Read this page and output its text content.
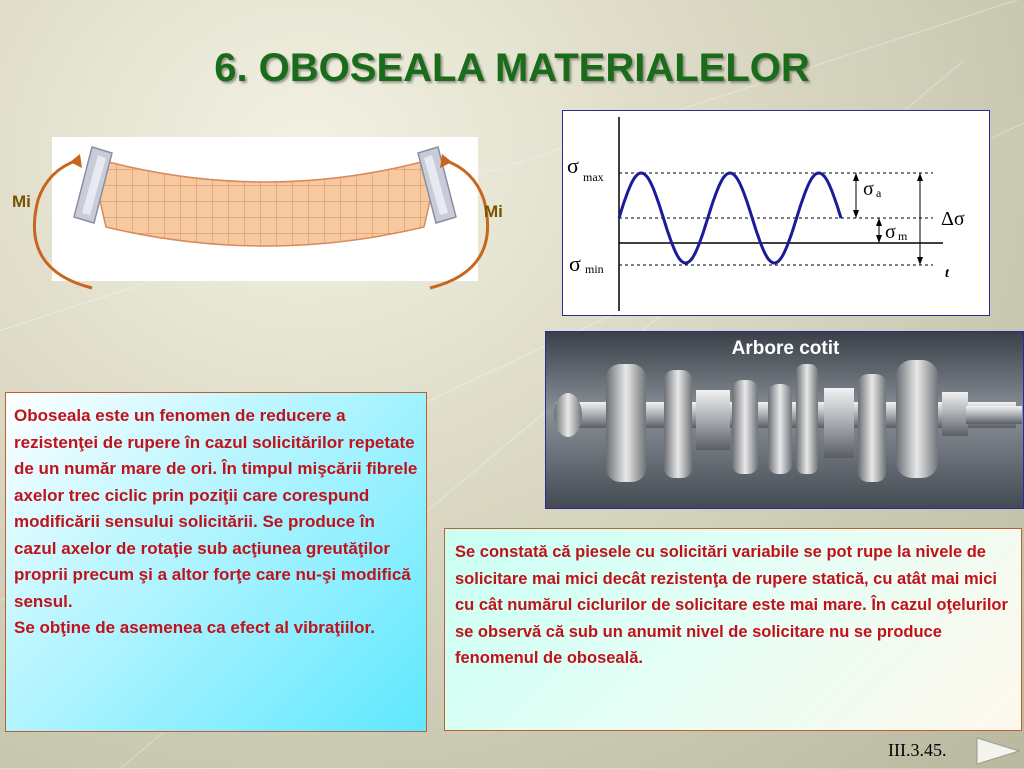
6. OBOSEALA MATERIALELOR
Mi
Mi
σ max
σ min
σ a
σ m
Δσ
t
Arbore cotit

Oboseala este un fenomen de reducere a rezistenţei de rupere în cazul solicitărilor repetate de un număr mare de ori. În timpul mişcării fibrele axelor trec ciclic prin poziţii care corespund modificării sensului solicitării. Se produce în cazul axelor de rotaţie sub acţiunea greutăţilor proprii precum şi a altor forţe care nu-şi modifică sensul.

Se obţine de asemenea ca efect al vibraţiilor.

Se constată că piesele cu solicitări variabile se pot rupe la nivele de solicitare mai mici decât rezistenţa de rupere statică, cu atât mai mici cu cât numărul ciclurilor de solicitare este mai mare. În cazul oţelurilor se observă că sub un anumit nivel de solicitare nu se produce fenomenul de oboseală.

III.3.45.
